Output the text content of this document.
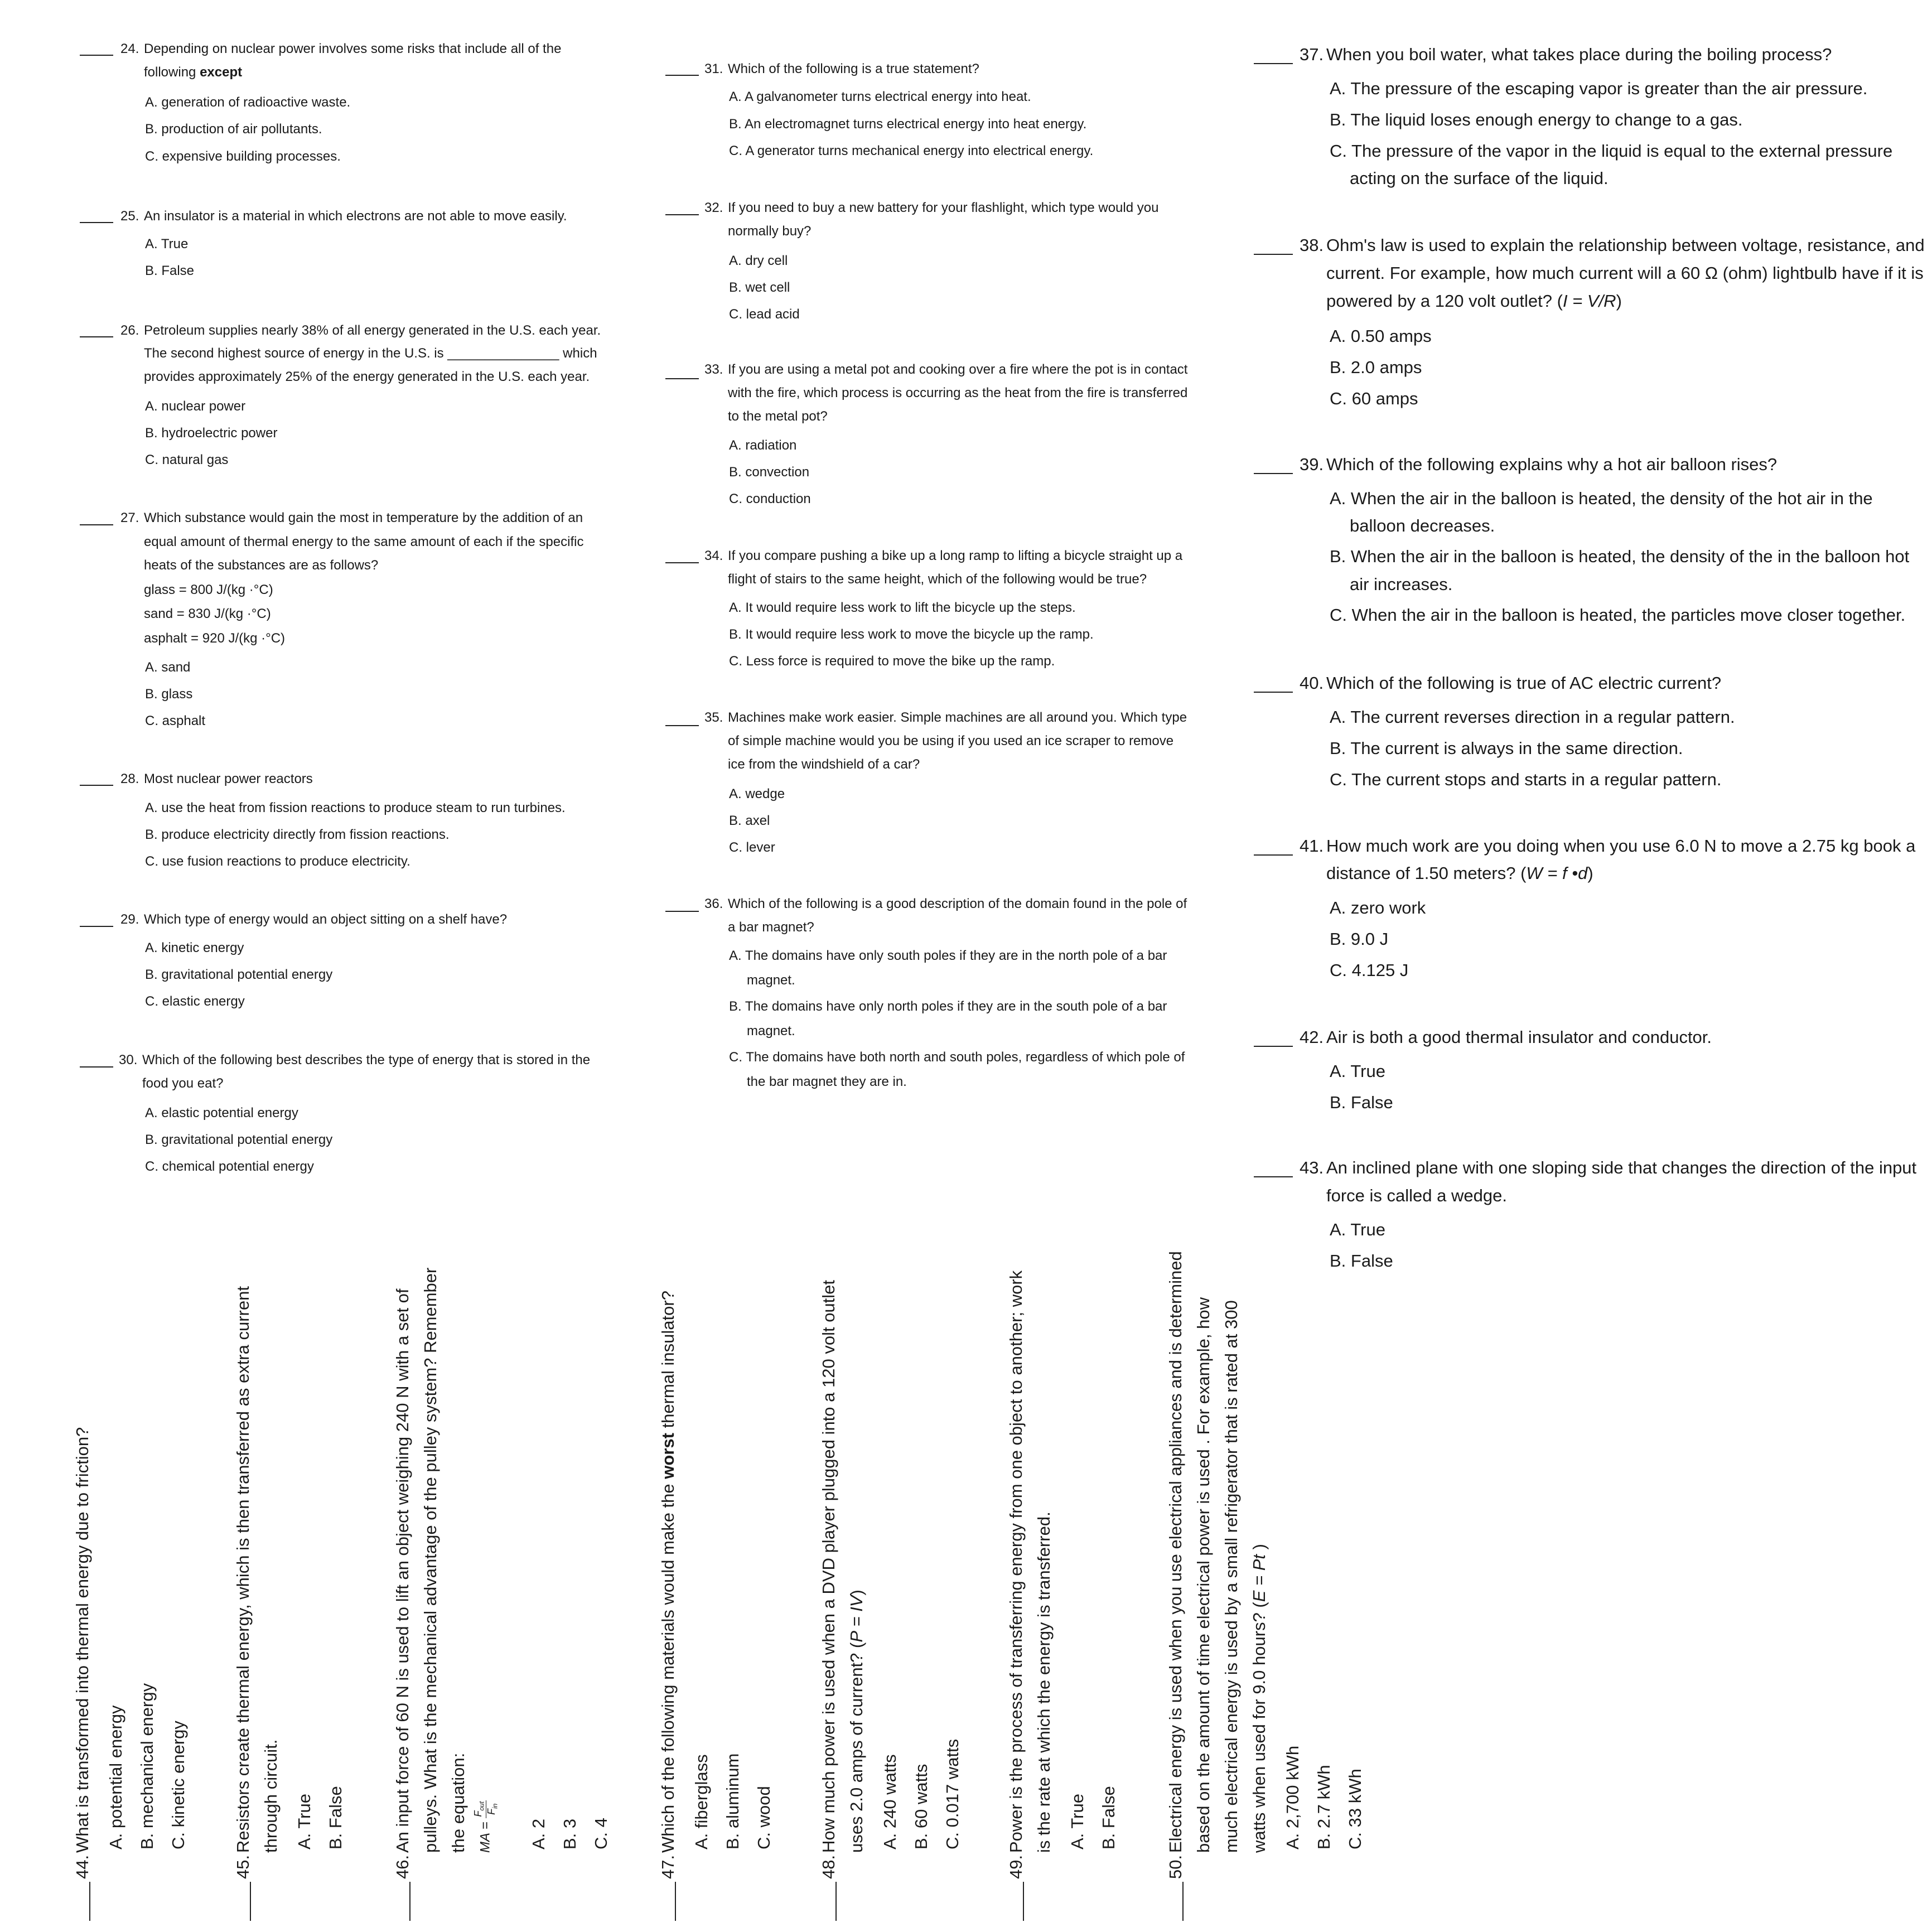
24. Depending on nuclear power involves some risks that include all of the
following except
A. generation of radioactive waste.
B. production of air pollutants.
C. expensive building processes.
25. An insulator is a material in which electrons are not able to move easily.
A. True
B. False
26. Petroleum supplies nearly 38% of all energy generated in the U.S. each year.
The second highest source of energy in the U.S. is _______________ which
provides approximately 25% of the energy generated in the U.S. each year.
A. nuclear power
B. hydroelectric power
C. natural gas
27. Which substance would gain the most in temperature by the addition of an
equal amount of thermal energy to the same amount of each if the specific
heats of the substances are as follows?
glass = 800 J/(kg ·°C)
sand = 830 J/(kg ·°C)
asphalt = 920 J/(kg ·°C)
A. sand
B. glass
C. asphalt
28. Most nuclear power reactors
A. use the heat from fission reactions to produce steam to run turbines.
B. produce electricity directly from fission reactions.
C. use fusion reactions to produce electricity.
29. Which type of energy would an object sitting on a shelf have?
A. kinetic energy
B. gravitational potential energy
C. elastic energy
30. Which of the following best describes the type of energy that is stored in the
food you eat?
A. elastic potential energy
B. gravitational potential energy
C. chemical potential energy
31. Which of the following is a true statement?
A. A galvanometer turns electrical energy into heat.
B. An electromagnet turns electrical energy into heat energy.
C. A generator turns mechanical energy into electrical energy.
32. If you need to buy a new battery for your flashlight, which type would you
normally buy?
A. dry cell
B. wet cell
C. lead acid
33. If you are using a metal pot and cooking over a fire where the pot is in contact
with the fire, which process is occurring as the heat from the fire is transferred
to the metal pot?
A. radiation
B. convection
C. conduction
34. If you compare pushing a bike up a long ramp to lifting a bicycle straight up a
flight of stairs to the same height, which of the following would be true?
A. It would require less work to lift the bicycle up the steps.
B. It would require less work to move the bicycle up the ramp.
C. Less force is required to move the bike up the ramp.
35. Machines make work easier. Simple machines are all around you. Which type
of simple machine would you be using if you used an ice scraper to remove
ice from the windshield of a car?
A. wedge
B. axel
C. lever
36. Which of the following is a good description of the domain found in the pole of
a bar magnet?
A. The domains have only south poles if they are in the north pole of a bar
magnet.
B. The domains have only north poles if they are in the south pole of a bar
magnet.
C. The domains have both north and south poles, regardless of which pole of
the bar magnet they are in.
37. When you boil water, what takes place during the boiling process?
A. The pressure of the escaping vapor is greater than the air pressure.
B. The liquid loses enough energy to change to a gas.
C. The pressure of the vapor in the liquid is equal to the external pressure
acting on the surface of the liquid.
38. Ohm's law is used to explain the relationship between voltage, resistance, and
current. For example, how much current will a 60 Ω (ohm) lightbulb have if it is
powered by a 120 volt outlet? (I = V/R)
A. 0.50 amps
B. 2.0 amps
C. 60 amps
39. Which of the following explains why a hot air balloon rises?
A. When the air in the balloon is heated, the density of the hot air in the
balloon decreases.
B. When the air in the balloon is heated, the density of the in the balloon hot
air increases.
C. When the air in the balloon is heated, the particles move closer together.
40. Which of the following is true of AC electric current?
A. The current reverses direction in a regular pattern.
B. The current is always in the same direction.
C. The current stops and starts in a regular pattern.
41. How much work are you doing when you use 6.0 N to move a 2.75 kg book a
distance of 1.50 meters? (W = f •d)
A. zero work
B. 9.0 J
C. 4.125 J
42. Air is both a good thermal insulator and conductor.
A. True
B. False
43. An inclined plane with one sloping side that changes the direction of the input
force is called a wedge.
A. True
B. False
44.
What is transformed into thermal energy due to friction? A. potential energy B. mechanical energy C. kinetic energy
45.
Resistors create thermal energy, which is then transferred as extra current through circuit. A. True B. False
46.
An input force of 60 N is used to lift an object weighing 240 N with a set of pulleys. What is the mechanical advantage of the pulley system? Remember the equation: MA =
$F_{out}$
$F_{in}$
A. 2 B. 3 C. 4
47.
Which of the following materials would make the worst thermal insulator?
A. fiberglass B. aluminum C. wood
48.
How much power is used when a DVD player plugged into a 120 volt outlet uses 2.0 amps of current? (P = IV)
A. 240 watts B. 60 watts C. 0.017 watts
49.
Power is the process of transferring energy from one object to another; work is the rate at which the energy is transferred. A. True B. False
50.
Electrical energy is used when you use electrical appliances and is determined based on the amount of time electrical power is used . For example, how much electrical energy is used by a small refrigerator that is rated at 300 watts when used for 9.0 hours? (E = Pt )
A. 2,700 kWh B. 2.7 kWh C. 33 kWh
